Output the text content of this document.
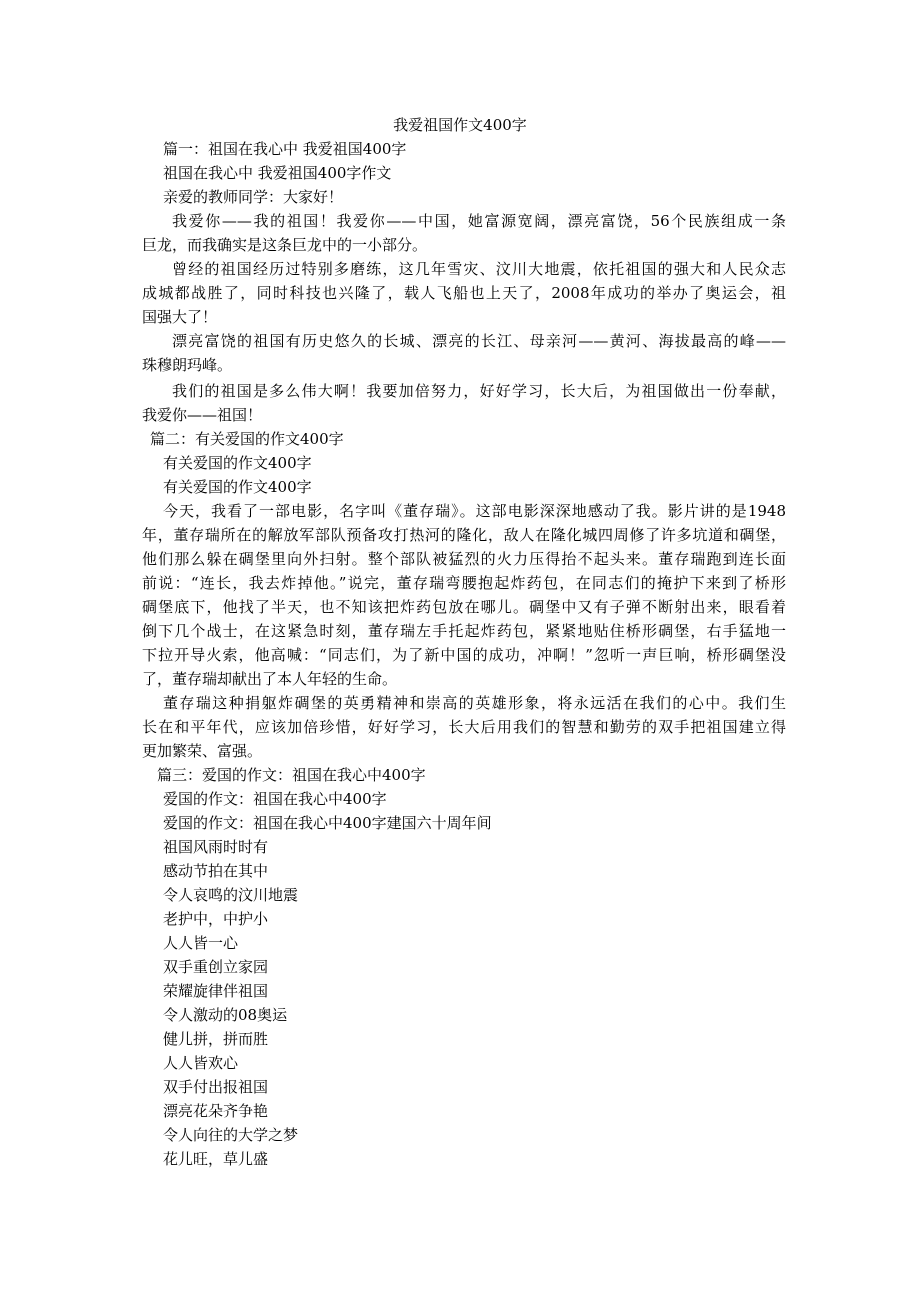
我爱祖国作文400字
篇一：祖国在我心中 我爱祖国400字
祖国在我心中 我爱祖国400字作文
亲爱的教师同学：大家好！
我爱你——我的祖国！我爱你——中国，她富源宽阔，漂亮富饶，56个民族组成一条
巨龙，而我确实是这条巨龙中的一小部分。
曾经的祖国经历过特别多磨练，这几年雪灾、汶川大地震，依托祖国的强大和人民众志
成城都战胜了，同时科技也兴隆了，载人飞船也上天了，2008年成功的举办了奥运会，祖
国强大了！
漂亮富饶的祖国有历史悠久的长城、漂亮的长江、母亲河——黄河、海拔最高的峰——
珠穆朗玛峰。
我们的祖国是多么伟大啊！我要加倍努力，好好学习，长大后，为祖国做出一份奉献，
我爱你——祖国！
篇二：有关爱国的作文400字
有关爱国的作文400字
有关爱国的作文400字
今天，我看了一部电影，名字叫《董存瑞》。这部电影深深地感动了我。影片讲的是1948
年，董存瑞所在的解放军部队预备攻打热河的隆化，敌人在隆化城四周修了许多坑道和碉堡，
他们那么躲在碉堡里向外扫射。整个部队被猛烈的火力压得抬不起头来。董存瑞跑到连长面
前说：“连长，我去炸掉他。”说完，董存瑞弯腰抱起炸药包，在同志们的掩护下来到了桥形
碉堡底下，他找了半天，也不知该把炸药包放在哪儿。碉堡中又有子弹不断射出来，眼看着
倒下几个战士，在这紧急时刻，董存瑞左手托起炸药包，紧紧地贴住桥形碉堡，右手猛地一
下拉开导火索，他高喊：“同志们，为了新中国的成功，冲啊！”忽听一声巨响，桥形碉堡没
了，董存瑞却献出了本人年轻的生命。
董存瑞这种捐躯炸碉堡的英勇精神和崇高的英雄形象，将永远活在我们的心中。我们生
长在和平年代，应该加倍珍惜，好好学习，长大后用我们的智慧和勤劳的双手把祖国建立得
更加繁荣、富强。
篇三：爱国的作文：祖国在我心中400字
爱国的作文：祖国在我心中400字
爱国的作文：祖国在我心中400字建国六十周年间
祖国风雨时时有
感动节拍在其中
令人哀鸣的汶川地震
老护中，中护小
人人皆一心
双手重创立家园
荣耀旋律伴祖国
令人激动的08奥运
健儿拼，拼而胜
人人皆欢心
双手付出报祖国
漂亮花朵齐争艳
令人向往的大学之梦
花儿旺，草儿盛
